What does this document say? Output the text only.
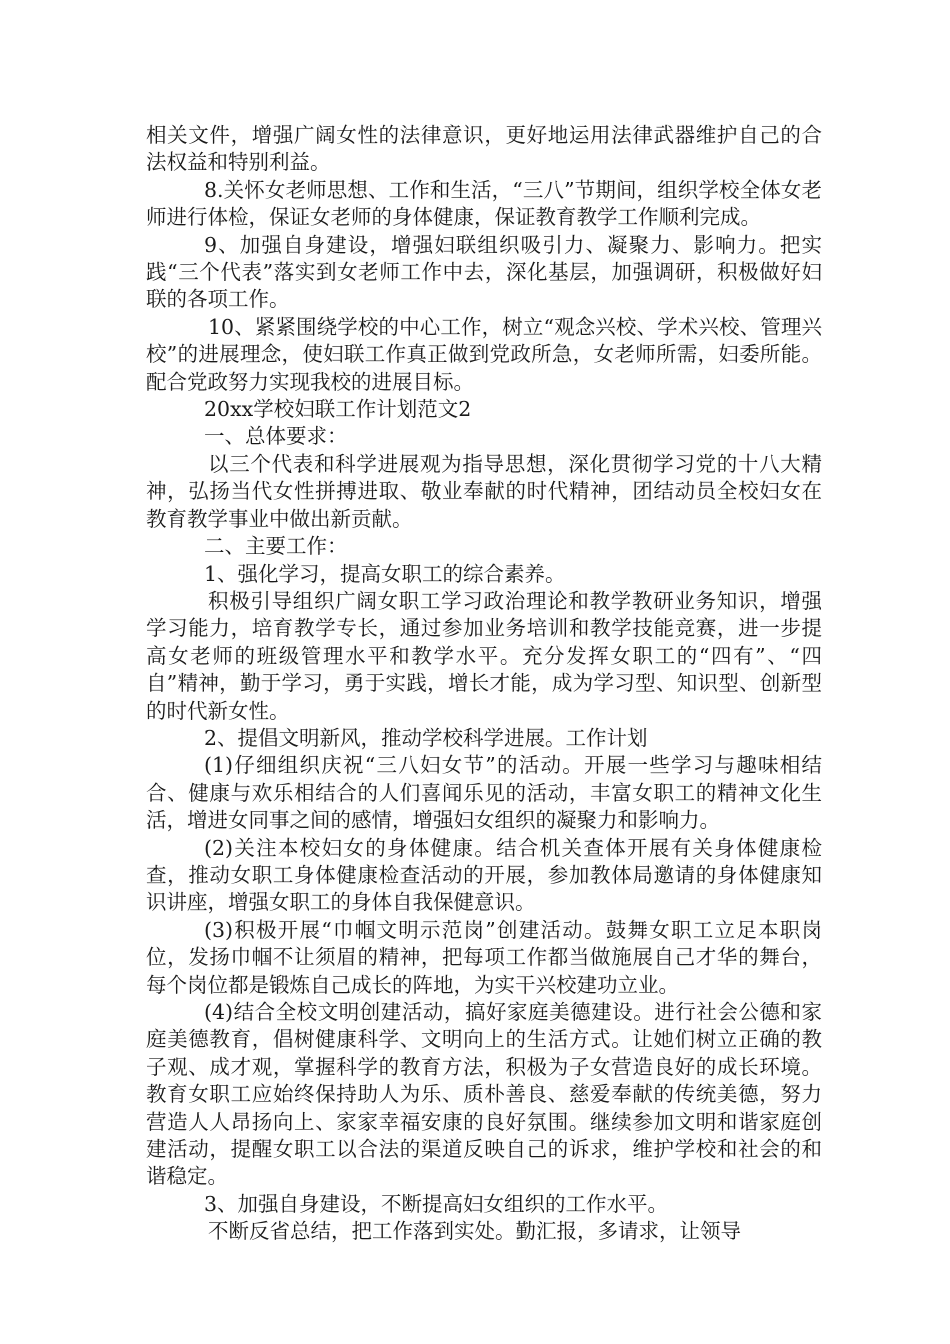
相关文件，增强广阔女性的法律意识，更好地运用法律武器维护自己的合法权益和特别利益。

8.关怀女老师思想、工作和生活，“三八”节期间，组织学校全体女老师进行体检，保证女老师的身体健康，保证教育教学工作顺利完成。

9、加强自身建设，增强妇联组织吸引力、凝聚力、影响力。把实践“三个代表”落实到女老师工作中去，深化基层，加强调研，积极做好妇联的各项工作。

10、紧紧围绕学校的中心工作，树立“观念兴校、学术兴校、管理兴校”的进展理念，使妇联工作真正做到党政所急，女老师所需，妇委所能。配合党政努力实现我校的进展目标。

20xx学校妇联工作计划范文2

一、总体要求：

以三个代表和科学进展观为指导思想，深化贯彻学习党的十八大精神，弘扬当代女性拼搏进取、敬业奉献的时代精神，团结动员全校妇女在教育教学事业中做出新贡献。

二、主要工作：

1、强化学习，提高女职工的综合素养。

积极引导组织广阔女职工学习政治理论和教学教研业务知识，增强学习能力，培育教学专长，通过参加业务培训和教学技能竞赛，进一步提高女老师的班级管理水平和教学水平。充分发挥女职工的“四有”、“四自”精神，勤于学习，勇于实践，增长才能，成为学习型、知识型、创新型的时代新女性。

2、提倡文明新风，推动学校科学进展。工作计划

(1)仔细组织庆祝“三八妇女节”的活动。开展一些学习与趣味相结合、健康与欢乐相结合的人们喜闻乐见的活动，丰富女职工的精神文化生活，增进女同事之间的感情，增强妇女组织的凝聚力和影响力。

(2)关注本校妇女的身体健康。结合机关查体开展有关身体健康检查，推动女职工身体健康检查活动的开展，参加教体局邀请的身体健康知识讲座，增强女职工的身体自我保健意识。

(3)积极开展“巾帼文明示范岗”创建活动。鼓舞女职工立足本职岗位，发扬巾帼不让须眉的精神，把每项工作都当做施展自己才华的舞台，每个岗位都是锻炼自己成长的阵地，为实干兴校建功立业。

(4)结合全校文明创建活动，搞好家庭美德建设。进行社会公德和家庭美德教育，倡树健康科学、文明向上的生活方式。让她们树立正确的教子观、成才观，掌握科学的教育方法，积极为子女营造良好的成长环境。教育女职工应始终保持助人为乐、质朴善良、慈爱奉献的传统美德，努力营造人人昂扬向上、家家幸福安康的良好氛围。继续参加文明和谐家庭创建活动，提醒女职工以合法的渠道反映自己的诉求，维护学校和社会的和谐稳定。

3、加强自身建设，不断提高妇女组织的工作水平。

不断反省总结，把工作落到实处。勤汇报，多请求，让领导
